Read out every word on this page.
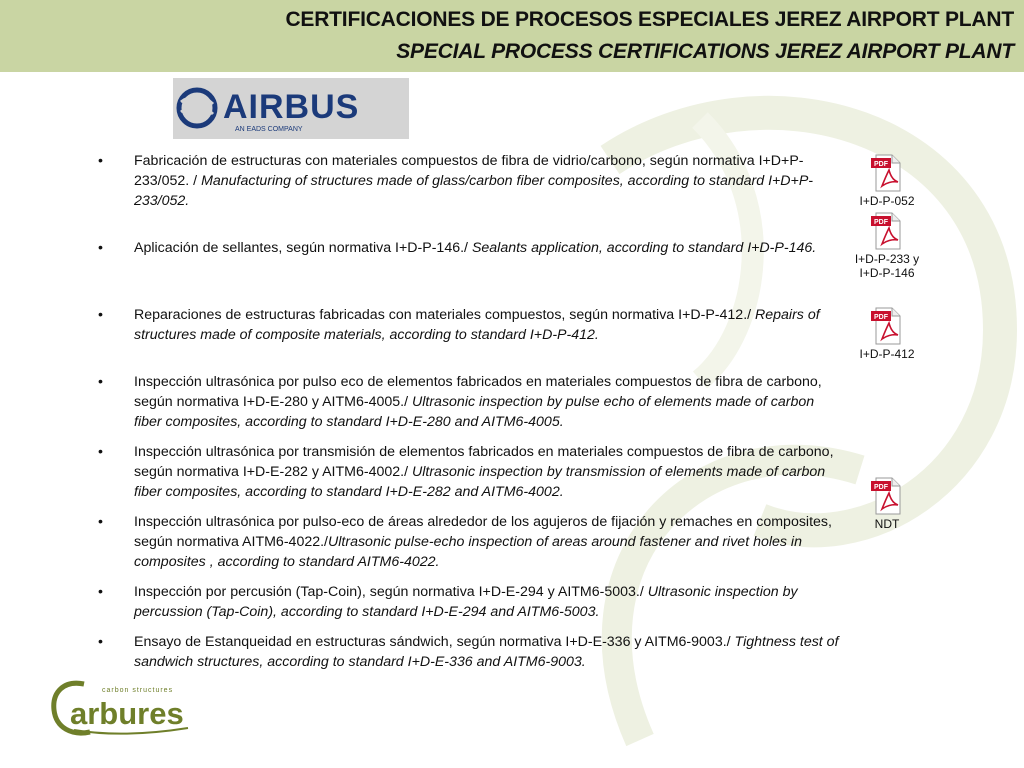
CERTIFICACIONES DE PROCESOS ESPECIALES JEREZ AIRPORT PLANT
SPECIAL PROCESS CERTIFICATIONS JEREZ AIRPORT PLANT
AIRBUS
AN EADS COMPANY
• Fabricación de estructuras con materiales compuestos de fibra de vidrio/carbono, según normativa I+D+P- 233/052. / Manufacturing of structures made of glass/carbon fiber composites, according to standard I+D+P-233/052.
• Aplicación de sellantes, según normativa I+D-P-146./ Sealants application, according to standard I+D-P-146.
• Reparaciones de estructuras fabricadas con materiales compuestos, según normativa I+D-P-412./ Repairs of structures made of composite materials, according to standard I+D-P-412.
• Inspección ultrasónica por pulso eco de elementos fabricados en materiales compuestos de fibra de carbono, según normativa I+D-E-280 y AITM6-4005./ Ultrasonic inspection by pulse echo of elements made of carbon fiber composites, according to standard I+D-E-280 and AITM6-4005.
• Inspección ultrasónica por transmisión de elementos fabricados en materiales compuestos de fibra de carbono, según normativa I+D-E-282 y AITM6-4002./ Ultrasonic inspection by transmission of elements made of carbon fiber composites, according to standard I+D-E-282 and AITM6-4002.
• Inspección ultrasónica por pulso-eco de áreas alrededor de los agujeros de fijación y remaches en composites, según normativa AITM6-4022./Ultrasonic pulse-echo inspection of areas around fastener and rivet holes in composites , according to standard AITM6-4022.
• Inspección por percusión (Tap-Coin), según normativa I+D-E-294 y AITM6-5003./ Ultrasonic inspection by percussion (Tap-Coin), according to standard I+D-E-294 and AITM6-5003.
• Ensayo de Estanqueidad en estructuras sándwich, según normativa I+D-E-336 y AITM6-9003./ Tightness test of sandwich structures, according to standard I+D-E-336 and AITM6-9003.
PDF
I+D-P-052
PDF
I+D-P-233 y
I+D-P-146
PDF
I+D-P-412
PDF
NDT
carbon structures
arbures
